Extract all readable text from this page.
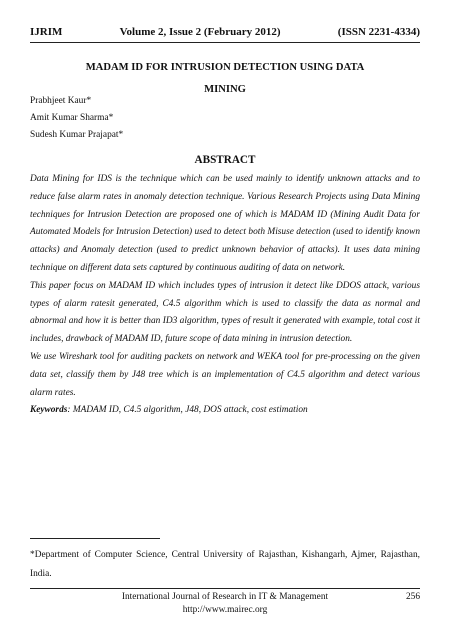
IJRIM	Volume 2, Issue 2 (February 2012)	(ISSN 2231-4334)
MADAM ID FOR INTRUSION DETECTION USING DATA
MINING
Prabhjeet Kaur*
Amit Kumar Sharma*
Sudesh Kumar Prajapat*
ABSTRACT

Data Mining for IDS is the technique which can be used mainly to identify unknown attacks and to reduce false alarm rates in anomaly detection technique. Various Research Projects using Data Mining techniques for Intrusion Detection are proposed one of which is MADAM ID (Mining Audit Data for Automated Models for Intrusion Detection) used to detect both Misuse detection (used to identify known attacks) and Anomaly detection (used to predict unknown behavior of attacks). It uses data mining technique on different data sets captured by continuous auditing of data on network.

This paper focus on MADAM ID which includes types of intrusion it detect like DDOS attack, various types of alarm ratesit generated, C4.5 algorithm which is used to classify the data as normal and abnormal and how it is better than ID3 algorithm, types of result it generated with example, total cost it includes, drawback of MADAM ID, future scope of data mining in intrusion detection.

We use Wireshark tool for auditing packets on network and WEKA tool for pre-processing on the given data set, classify them by J48 tree which is an implementation of C4.5 algorithm and detect various alarm rates.

Keywords: MADAM ID, C4.5 algorithm, J48, DOS attack, cost estimation

*Department of Computer Science, Central University of Rajasthan, Kishangarh, Ajmer, Rajasthan, India.
International Journal of Research in IT & Management
http://www.mairec.org
256
